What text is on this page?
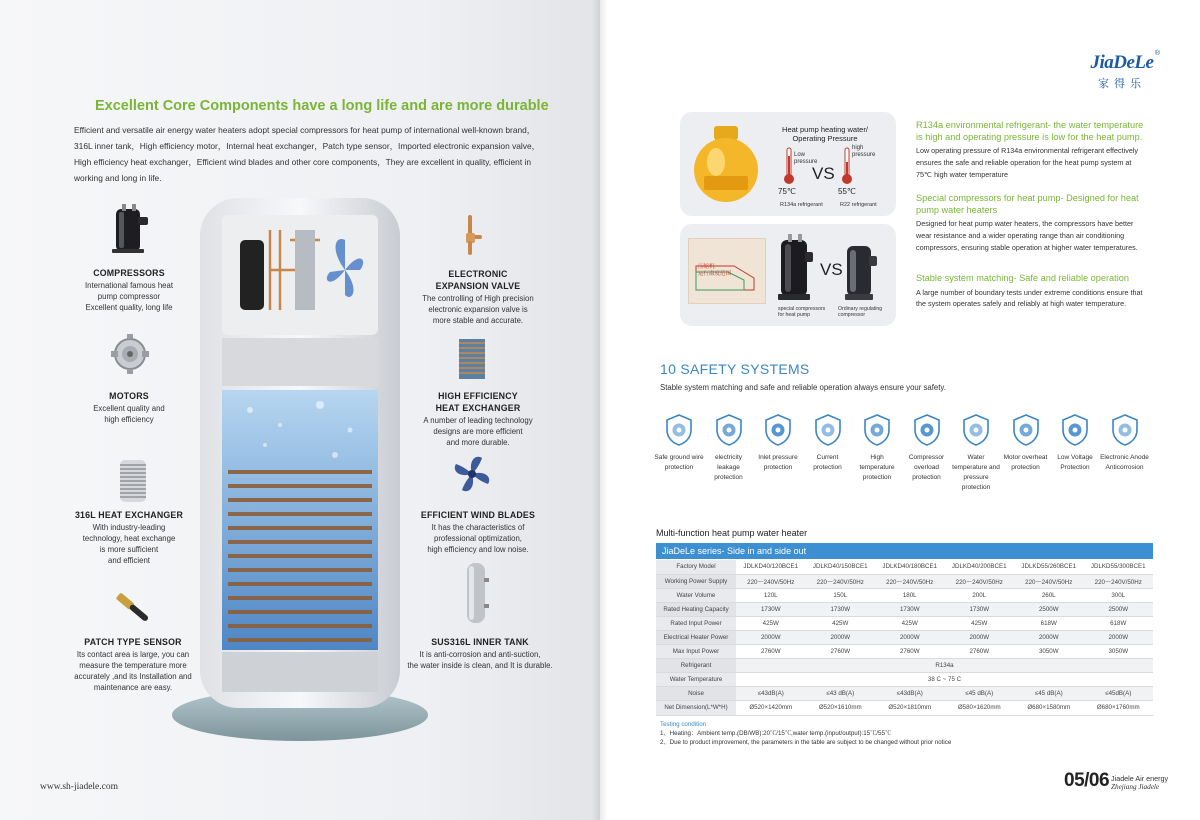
Excellent Core Components have a long life and are more durable
Efficient and versatile air energy water heaters adopt special compressors for heat pump of international well-known brand， 316L inner tank，High efficiency motor，Internal heat exchanger，Patch type sensor，Imported electronic expansion valve，High efficiency heat exchanger，Efficient wind blades and other core components，They are excellent in quality, efficient in working and long in life.
COMPRESSORS
International famous heat
pump compressor
Excellent quality, long life
MOTORS
Excellent quality and
high efficiency
316L HEAT EXCHANGER
With industry-leading
technology, heat exchange
is more sufficient
and efficient
PATCH TYPE SENSOR
Its contact area is large, you can
measure the temperature more
accurately ,and its Installation and
maintenance are easy.
ELECTRONIC
EXPANSION VALVE
The controlling of High precision
electronic expansion valve is
more stable and accurate.
HIGH EFFICIENCY
HEAT EXCHANGER
A number of leading technology
designs are more efficient
and more durable.
EFFICIENT WIND BLADES
It has the characteristics of
professional optimization,
high efficiency and low noise.
SUS316L INNER TANK
It is anti-corrosion and anti-suction,
the water inside is clean, and It is durable.
www.sh-jiadele.com
JiaDeLe
家得乐
®
Heat pump heating water/
Operating Pressure
Low
pressure
VS
high
pressure
75℃	55℃
R134a refrigerant	R22 refrigerant
压缩机
运行温度范围	VS
special compressors
for heat pump
Ordinary regulating
compressor
R134a environmental refrigerant- the water temperature
is high and operating pressure is low for the heat pump.
Low operating pressure of R134a environmental refrigerant effectively ensures the safe and reliable operation for the heat pump system at 75℃ high water temperature
Special compressors for heat pump- Designed for heat
pump water heaters
Designed for heat pump water heaters, the compressors have better wear resistance and a wider operating range than air conditioning compressors, ensuring stable operation at higher water temperatures.
Stable system matching- Safe and reliable operation
A large number of boundary tests under extreme conditions ensure that the system operates safely and reliably at high water temperature.
10 SAFETY SYSTEMS
Stable system matching and safe and reliable operation always ensure your safety.
Safe ground wire protection
electricity leakage protection
Inlet pressure protection
Current protection
High temperature protection
Compressor overload protection
Water temperature and pressure protection
Motor overheat protection
Low Voltage Protection
Electronic Anode Anticorrosion
Multi-function heat pump water heater
JiaDeLe series- Side in and side out
Factory Model	JDLKD40/120BCE1	JDLKD40/150BCE1	JDLKD40/180BCE1	JDLKD40/200BCE1	JDLKD55/260BCE1	JDLKD55/300BCE1
Working Power Supply	220～240V/50Hz	220～240V/50Hz	220～240V/50Hz	220～240V/50Hz	220～240V/50Hz	220～240V/50Hz
Water Volume	120L	150L	180L	200L	260L	300L
Rated Heating Capacity	1730W	1730W	1730W	1730W	2500W	2500W
Rated Input Power	425W	425W	425W	425W	618W	618W
Electrical Heater Power	2000W	2000W	2000W	2000W	2000W	2000W
Max Input Power	2760W	2760W	2760W	2760W	3050W	3050W
Refrigerant	R134a					
Water Temperature	38 C ~ 75 C					
Noise	≤43dB(A)	≤43 dB(A)	≤43dB(A)	≤45 dB(A)	≤45 dB(A)	≤45dB(A)
Net Dimension(L*W*H)	Ø520×1420mm	Ø520×1610mm	Ø520×1810mm	Ø580×1620mm	Ø680×1580mm	Ø680×1760mm
Testing condition
1、Heating：Ambient temp.(DB/WB):20℃/15℃,water temp.(input/output):15℃/55℃
2、Due to product improvement, the parameters in the table are subject to be changed without prior notice
05/06 Jiadele Air energy
Zhejiang Jiadele
